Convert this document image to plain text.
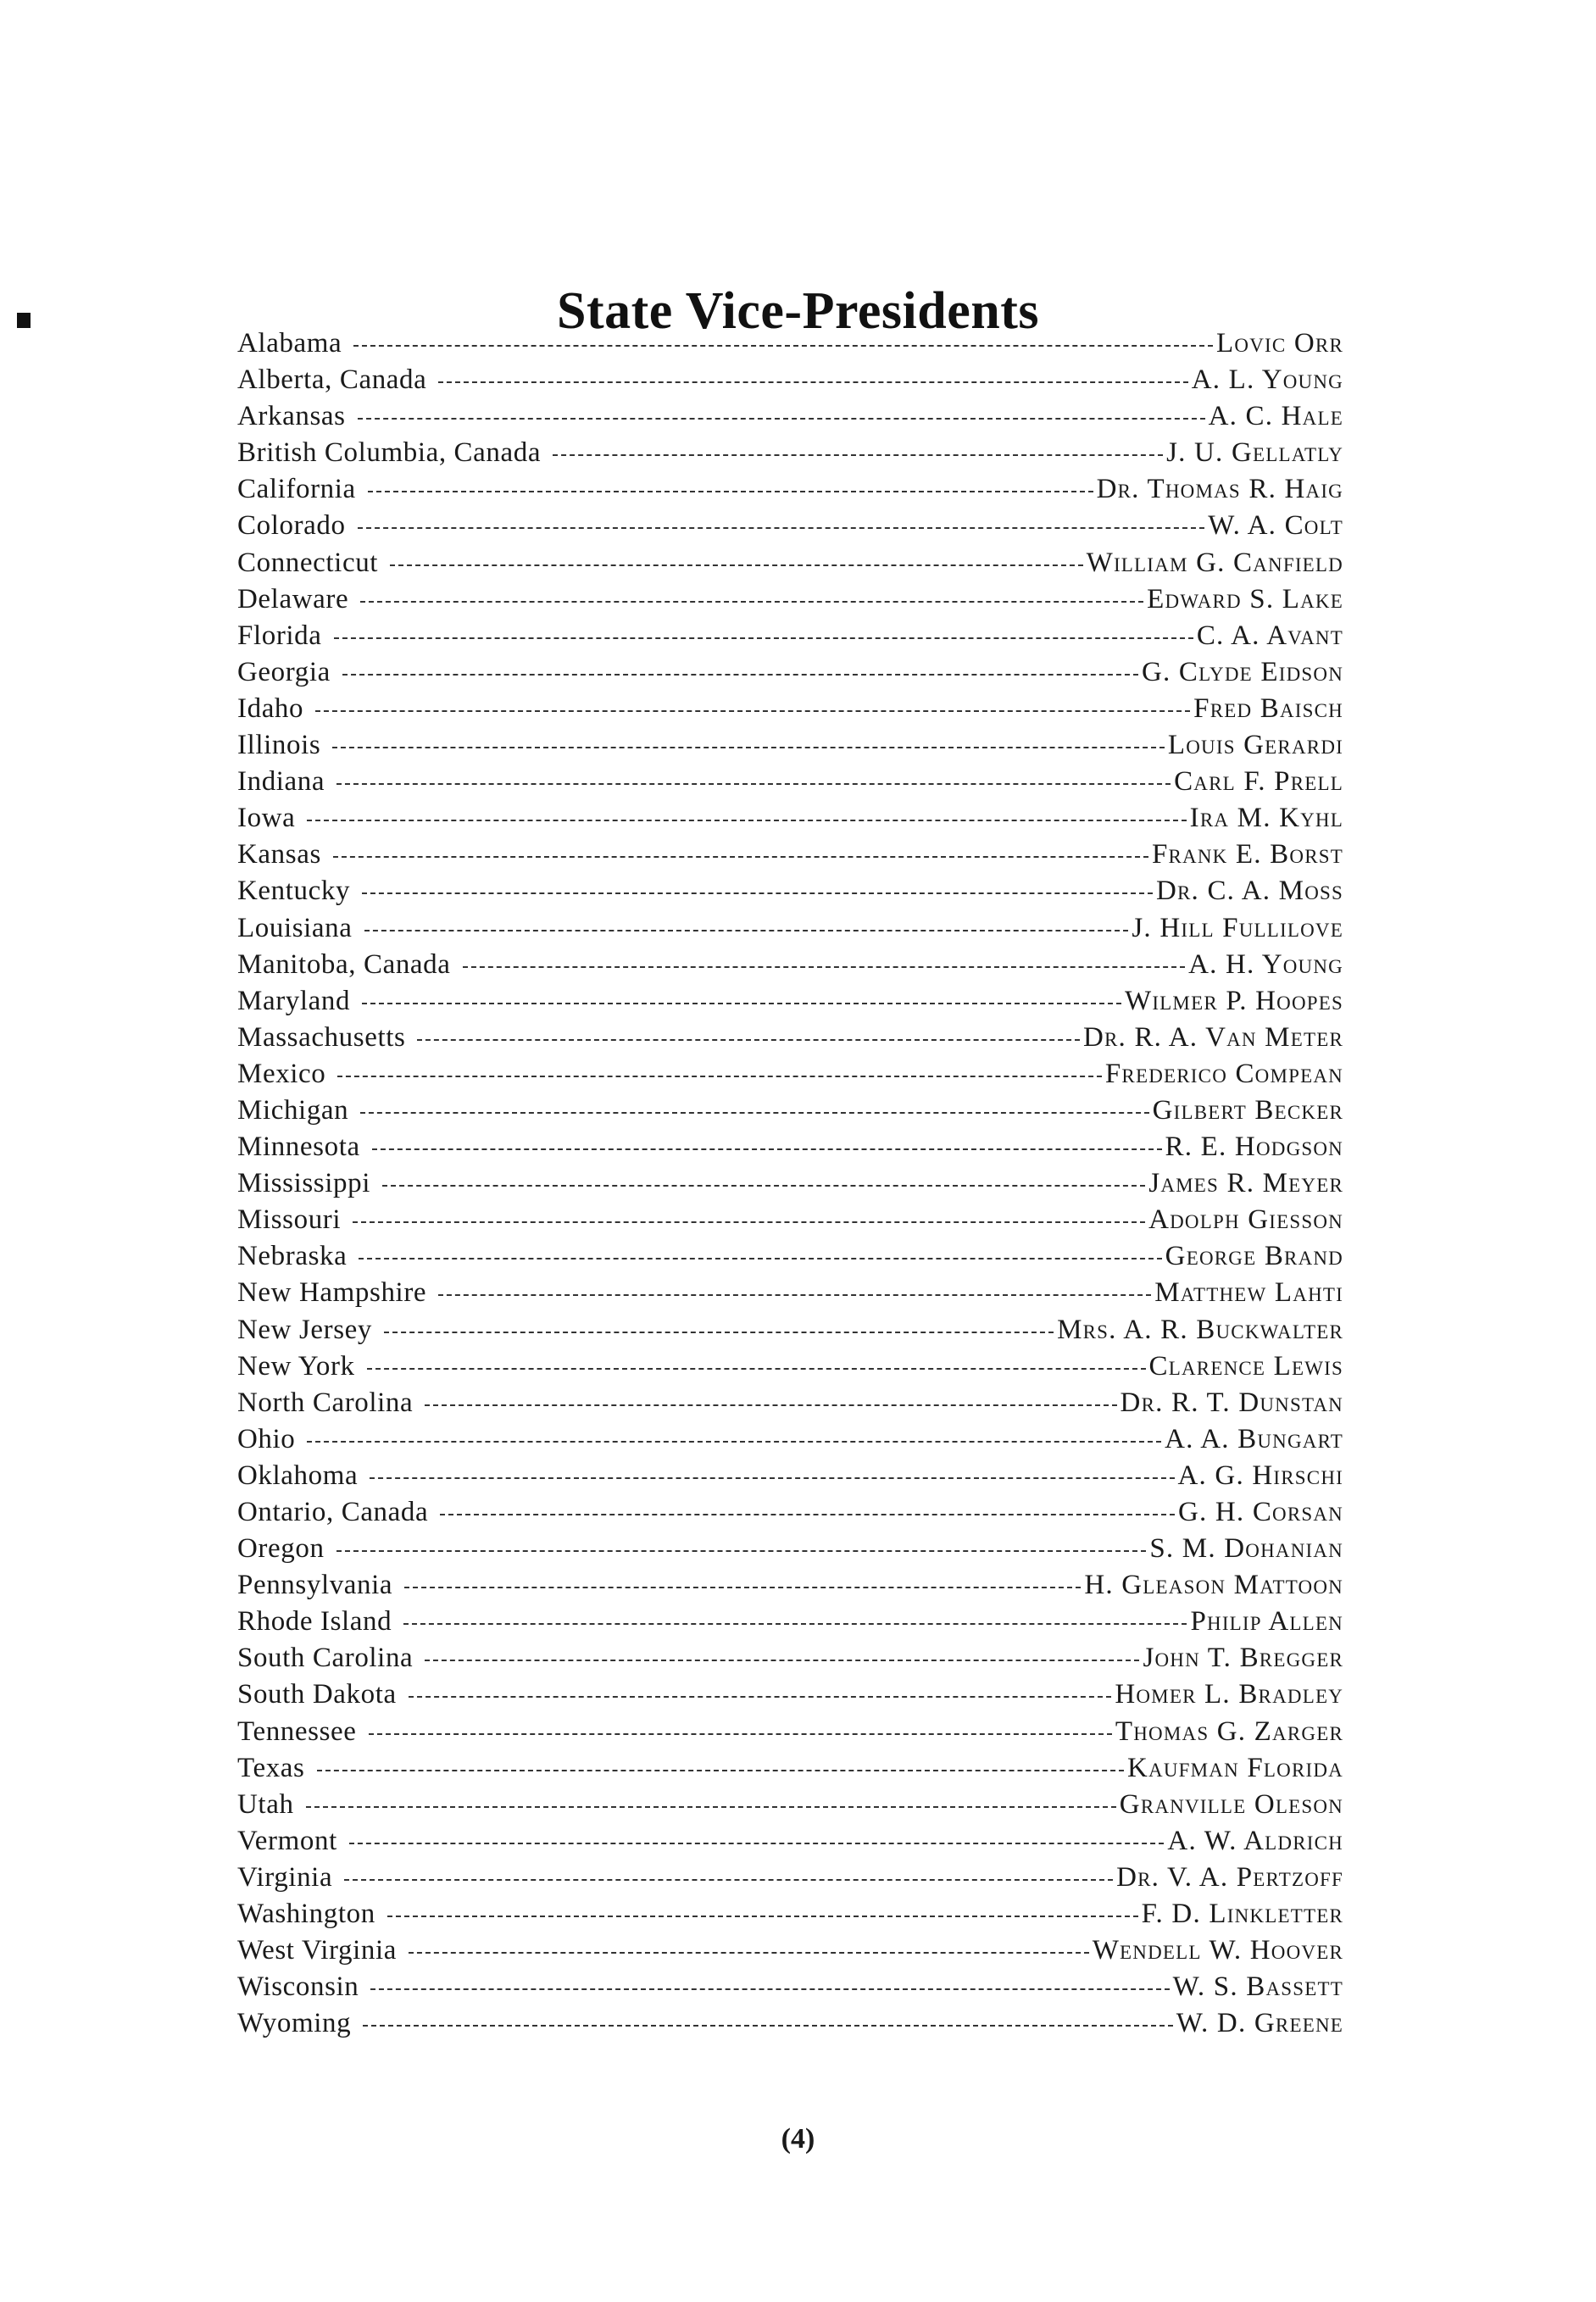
State Vice-Presidents
Alabama	Lovic Orr
Alberta, Canada	A. L. Young
Arkansas	A. C. Hale
British Columbia, Canada	J. U. Gellatly
California	Dr. Thomas R. Haig
Colorado	W. A. Colt
Connecticut	William G. Canfield
Delaware	Edward S. Lake
Florida	C. A. Avant
Georgia	G. Clyde Eidson
Idaho	Fred Baisch
Illinois	Louis Gerardi
Indiana	Carl F. Prell
Iowa	Ira M. Kyhl
Kansas	Frank E. Borst
Kentucky	Dr. C. A. Moss
Louisiana	J. Hill Fullilove
Manitoba, Canada	A. H. Young
Maryland	Wilmer P. Hoopes
Massachusetts	Dr. R. A. Van Meter
Mexico	Frederico Compean
Michigan	Gilbert Becker
Minnesota	R. E. Hodgson
Mississippi	James R. Meyer
Missouri	Adolph Giesson
Nebraska	George Brand
New Hampshire	Matthew Lahti
New Jersey	Mrs. A. R. Buckwalter
New York	Clarence Lewis
North Carolina	Dr. R. T. Dunstan
Ohio	A. A. Bungart
Oklahoma	A. G. Hirschi
Ontario, Canada	G. H. Corsan
Oregon	S. M. Dohanian
Pennsylvania	H. Gleason Mattoon
Rhode Island	Philip Allen
South Carolina	John T. Bregger
South Dakota	Homer L. Bradley
Tennessee	Thomas G. Zarger
Texas	Kaufman Florida
Utah	Granville Oleson
Vermont	A. W. Aldrich
Virginia	Dr. V. A. Pertzoff
Washington	F. D. Linkletter
West Virginia	Wendell W. Hoover
Wisconsin	W. S. Bassett
Wyoming	W. D. Greene
(4)
